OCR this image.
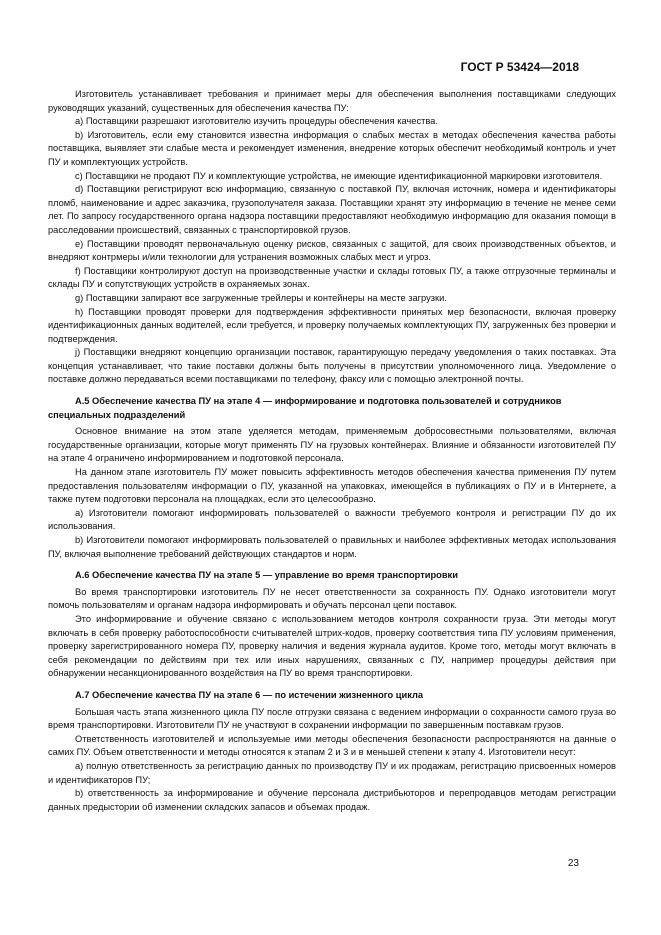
ГОСТ Р 53424—2018

Изготовитель устанавливает требования и принимает меры для обеспечения выполнения поставщиками следующих руководящих указаний, существенных для обеспечения качества ПУ:

a) Поставщики разрешают изготовителю изучить процедуры обеспечения качества.

b) Изготовитель, если ему становится известна информация о слабых местах в методах обеспечения качества работы поставщика, выявляет эти слабые места и рекомендует изменения, внедрение которых обеспечит необходимый контроль и учет ПУ и комплектующих устройств.

c) Поставщики не продают ПУ и комплектующие устройства, не имеющие идентификационной маркировки изготовителя.

d) Поставщики регистрируют всю информацию, связанную с поставкой ПУ, включая источник, номера и идентификаторы пломб, наименование и адрес заказчика, грузополучателя заказа. Поставщики хранят эту информацию в течение не менее семи лет. По запросу государственного органа надзора поставщики предоставляют необходимую информацию для оказания помощи в расследовании происшествий, связанных с транспортировкой грузов.

e) Поставщики проводят первоначальную оценку рисков, связанных с защитой, для своих производственных объектов, и внедряют контрмеры и/или технологии для устранения возможных слабых мест и угроз.

f) Поставщики контролируют доступ на производственные участки и склады готовых ПУ, а также отгрузочные терминалы и склады ПУ и сопутствующих устройств в охраняемых зонах.

g) Поставщики запирают все загруженные трейлеры и контейнеры на месте загрузки.

h) Поставщики проводят проверки для подтверждения эффективности принятых мер безопасности, включая проверку идентификационных данных водителей, если требуется, и проверку получаемых комплектующих ПУ, загруженных без проверки и подтверждения.

j) Поставщики внедряют концепцию организации поставок, гарантирующую передачу уведомления о таких поставках. Эта концепция устанавливает, что такие поставки должны быть получены в присутствии уполномоченного лица. Уведомление о поставке должно передаваться всеми поставщиками по телефону, факсу или с помощью электронной почты.

А.5 Обеспечение качества ПУ на этапе 4 — информирование и подготовка пользователей и сотрудников специальных подразделений

Основное внимание на этом этапе уделяется методам, применяемым добросовестными пользователями, включая государственные организации, которые могут применять ПУ на грузовых контейнерах. Влияние и обязанности изготовителей ПУ на этапе 4 ограничено информированием и подготовкой персонала.

На данном этапе изготовитель ПУ может повысить эффективность методов обеспечения качества применения ПУ путем предоставления пользователям информации о ПУ, указанной на упаковках, имеющейся в публикациях о ПУ и в Интернете, а также путем подготовки персонала на площадках, если это целесообразно.

a) Изготовители помогают информировать пользователей о важности требуемого контроля и регистрации ПУ до их использования.

b) Изготовители помогают информировать пользователей о правильных и наиболее эффективных методах использования ПУ, включая выполнение требований действующих стандартов и норм.

А.6 Обеспечение качества ПУ на этапе 5 — управление во время транспортировки

Во время транспортировки изготовитель ПУ не несет ответственности за сохранность ПУ. Однако изготовители могут помочь пользователям и органам надзора информировать и обучать персонал цепи поставок.

Это информирование и обучение связано с использованием методов контроля сохранности груза. Эти методы могут включать в себя проверку работоспособности считывателей штрих-кодов, проверку соответствия типа ПУ условиям применения, проверку зарегистрированного номера ПУ, проверку наличия и ведения журнала аудитов. Кроме того, методы могут включать в себя рекомендации по действиям при тех или иных нарушениях, связанных с ПУ, например процедуры действия при обнаружении несанкционированного воздействия на ПУ во время транспортировки.

А.7 Обеспечение качества ПУ на этапе 6 — по истечении жизненного цикла

Большая часть этапа жизненного цикла ПУ после отгрузки связана с ведением информации о сохранности самого груза во время транспортировки. Изготовители ПУ не участвуют в сохранении информации по завершенным поставкам грузов.

Ответственность изготовителей и используемые ими методы обеспечения безопасности распространяются на данные о самих ПУ. Объем ответственности и методы относятся к этапам 2 и 3 и в меньшей степени к этапу 4. Изготовители несут:

a) полную ответственность за регистрацию данных по производству ПУ и их продажам, регистрацию присвоенных номеров и идентификаторов ПУ;

b) ответственность за информирование и обучение персонала дистрибьюторов и перепродавцов методам регистрации данных предыстории об изменении складских запасов и объемах продаж.

23
